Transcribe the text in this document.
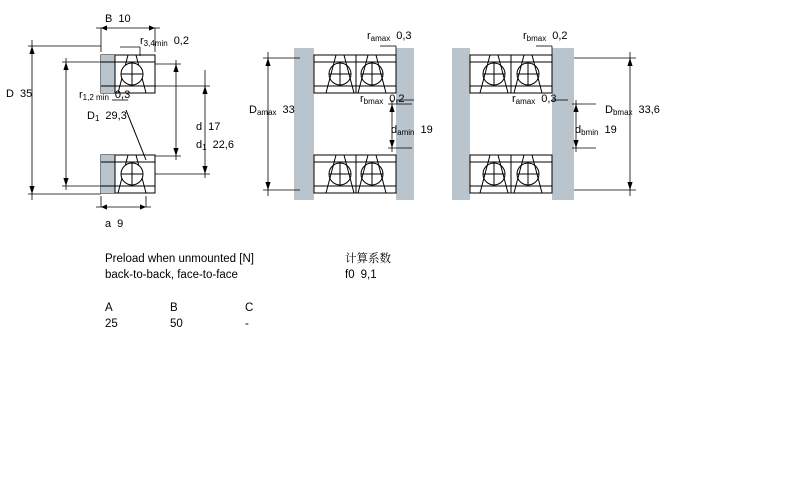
B 10
r3,4min 0,2
D 35	r1,2 min 0,3
D1 29,3
d 17
d1 22,6
a 9
ramax 0,3	rbmax 0,2
Damax 33
rbmax 0,2	ramax 0,3
damin 19	dbmin 19
Dbmax 33,6
Preload when unmounted [N]
back-to-back, face-to-face
计算系数
f0 9,1
A	B	C
25	50	-
